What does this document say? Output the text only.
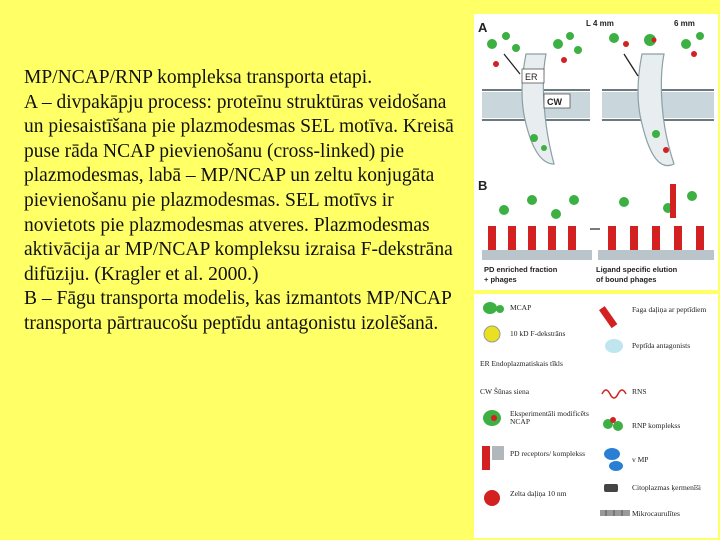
MP/NCAP/RNP kompleksa transporta etapi.

A – divpakāpju process: proteīnu struktūras veidošana un piesaistīšana pie plazmodesmas SEL motīva. Kreisā puse rāda NCAP pievienošanu (cross-linked) pie plazmodesmas, labā – MP/NCAP un zeltu konjugāta pievienošanu pie plazmodesmas. SEL motīvs ir novietots pie plazmodesmas atveres. Plazmodesmas aktivācija ar MP/NCAP kompleksu izraisa F-dekstrāna difūziju. (Kragler et al. 2000.)

B – Fāgu transporta modelis, kas izmantots MP/NCAP transporta pārtraucošu peptīdu antagonistu izolēšanā.

A	L 4 mm	6 mm
ER
CW
B
PD enriched fraction
+ phages
Ligand specific elution
of bound phages
MCAP
10 kD F-dekstrāns
ER Endoplazmatiskais tīkls
CW Šūnas siena
Eksperimentāli modificēts NCAP
PD receptors/ komplekss
Zelta daļiņa 10 nm
Faga daļiņa ar peptīdiem
Peptīda antagonists
RNS
RNP komplekss
v MP
Citoplazmas ķermenīši
Mikrocaurulītes
